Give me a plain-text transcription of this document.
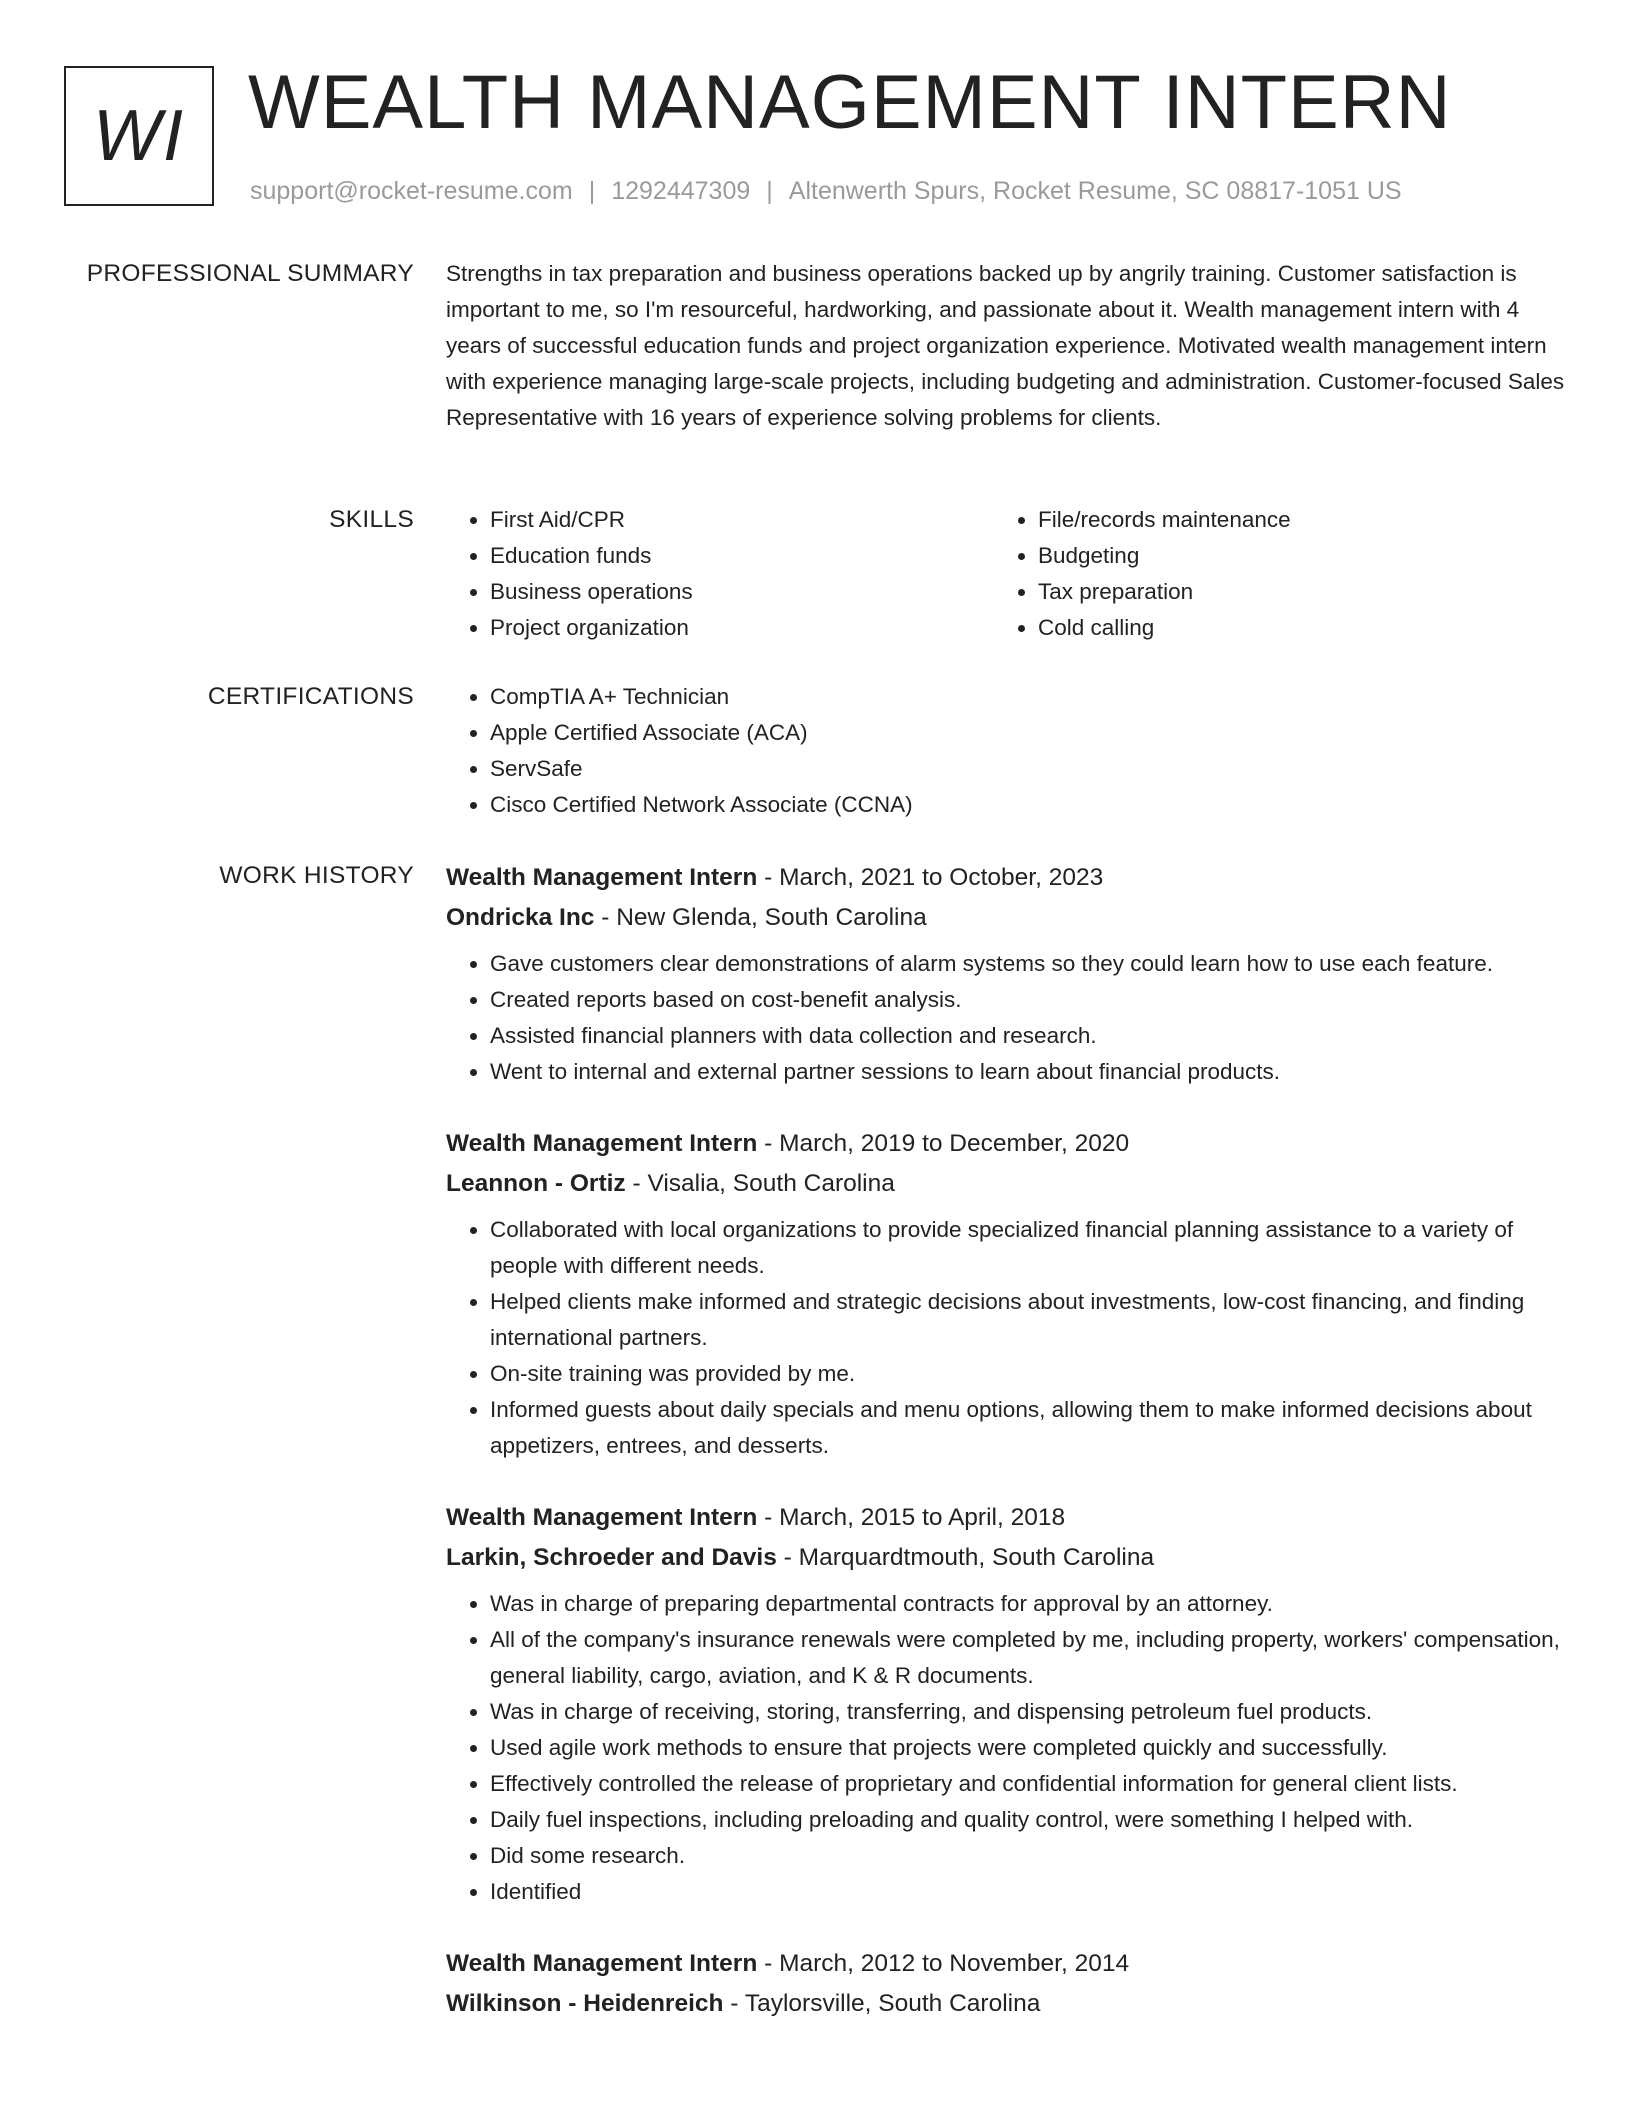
WI WEALTH MANAGEMENT INTERN
support@rocket-resume.com | 1292447309 | Altenwerth Spurs, Rocket Resume, SC 08817-1051 US
PROFESSIONAL SUMMARY Strengths in tax preparation and business operations backed up by angrily training. Customer satisfaction is important to me, so I'm resourceful, hardworking, and passionate about it. Wealth management intern with 4 years of successful education funds and project organization experience. Motivated wealth management intern with experience managing large-scale projects, including budgeting and administration. Customer-focused Sales Representative with 16 years of experience solving problems for clients.

SKILLS	• First Aid/CPR
• Education funds
• Business operations
• Project organization
• File/records maintenance
• Budgeting
• Tax preparation
• Cold calling
CERTIFICATIONS	• CompTIA A+ Technician
• Apple Certified Associate (ACA)
• ServSafe
• Cisco Certified Network Associate (CCNA)
WORK HISTORY Wealth Management Intern - March, 2021 to October, 2023
Ondricka Inc - New Glenda, South Carolina
• Gave customers clear demonstrations of alarm systems so they could learn how to use each feature.
• Created reports based on cost-benefit analysis.
• Assisted financial planners with data collection and research.
• Went to internal and external partner sessions to learn about financial products.
Wealth Management Intern - March, 2019 to December, 2020
Leannon - Ortiz - Visalia, South Carolina
• Collaborated with local organizations to provide specialized financial planning assistance to a variety of people with different needs.
• Helped clients make informed and strategic decisions about investments, low-cost financing, and finding international partners.
• On-site training was provided by me.
• Informed guests about daily specials and menu options, allowing them to make informed decisions about appetizers, entrees, and desserts.
Wealth Management Intern - March, 2015 to April, 2018
Larkin, Schroeder and Davis - Marquardtmouth, South Carolina
• Was in charge of preparing departmental contracts for approval by an attorney.
• All of the company's insurance renewals were completed by me, including property, workers' compensation, general liability, cargo, aviation, and K & R documents.
• Was in charge of receiving, storing, transferring, and dispensing petroleum fuel products.
• Used agile work methods to ensure that projects were completed quickly and successfully.
• Effectively controlled the release of proprietary and confidential information for general client lists.
• Daily fuel inspections, including preloading and quality control, were something I helped with.
• Did some research.
• Identified
Wealth Management Intern - March, 2012 to November, 2014
Wilkinson - Heidenreich - Taylorsville, South Carolina
